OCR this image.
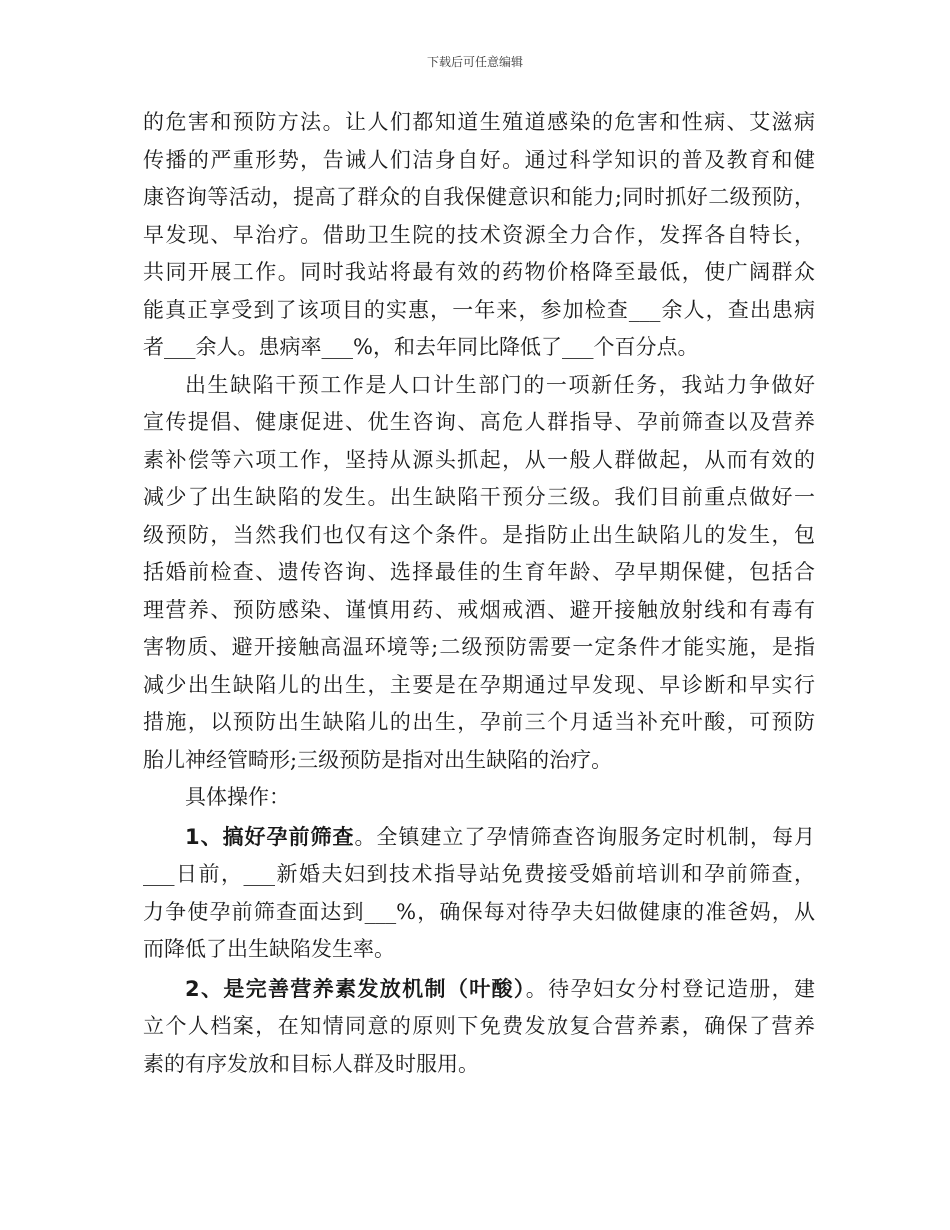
下载后可任意编辑
的危害和预防方法。让人们都知道生殖道感染的危害和性病、艾滋病
传播的严重形势，告诫人们洁身自好。通过科学知识的普及教育和健
康咨询等活动，提高了群众的自我保健意识和能力;同时抓好二级预防，
早发现、早治疗。借助卫生院的技术资源全力合作，发挥各自特长，
共同开展工作。同时我站将最有效的药物价格降至最低，使广阔群众
能真正享受到了该项目的实惠，一年来，参加检查___余人，查出患病
者___余人。患病率___%，和去年同比降低了___个百分点。
出生缺陷干预工作是人口计生部门的一项新任务，我站力争做好
宣传提倡、健康促进、优生咨询、高危人群指导、孕前筛查以及营养
素补偿等六项工作，坚持从源头抓起，从一般人群做起，从而有效的
减少了出生缺陷的发生。出生缺陷干预分三级。我们目前重点做好一
级预防，当然我们也仅有这个条件。是指防止出生缺陷儿的发生，包
括婚前检查、遗传咨询、选择最佳的生育年龄、孕早期保健，包括合
理营养、预防感染、谨慎用药、戒烟戒酒、避开接触放射线和有毒有
害物质、避开接触高温环境等;二级预防需要一定条件才能实施，是指
减少出生缺陷儿的出生，主要是在孕期通过早发现、早诊断和早实行
措施，以预防出生缺陷儿的出生，孕前三个月适当补充叶酸，可预防
胎儿神经管畸形;三级预防是指对出生缺陷的治疗。
具体操作：
1、搞好孕前筛查。全镇建立了孕情筛查咨询服务定时机制，每月
___日前，___新婚夫妇到技术指导站免费接受婚前培训和孕前筛查，
力争使孕前筛查面达到___%，确保每对待孕夫妇做健康的准爸妈，从
而降低了出生缺陷发生率。
2、是完善营养素发放机制（叶酸）。待孕妇女分村登记造册，建
立个人档案，在知情同意的原则下免费发放复合营养素，确保了营养
素的有序发放和目标人群及时服用。
